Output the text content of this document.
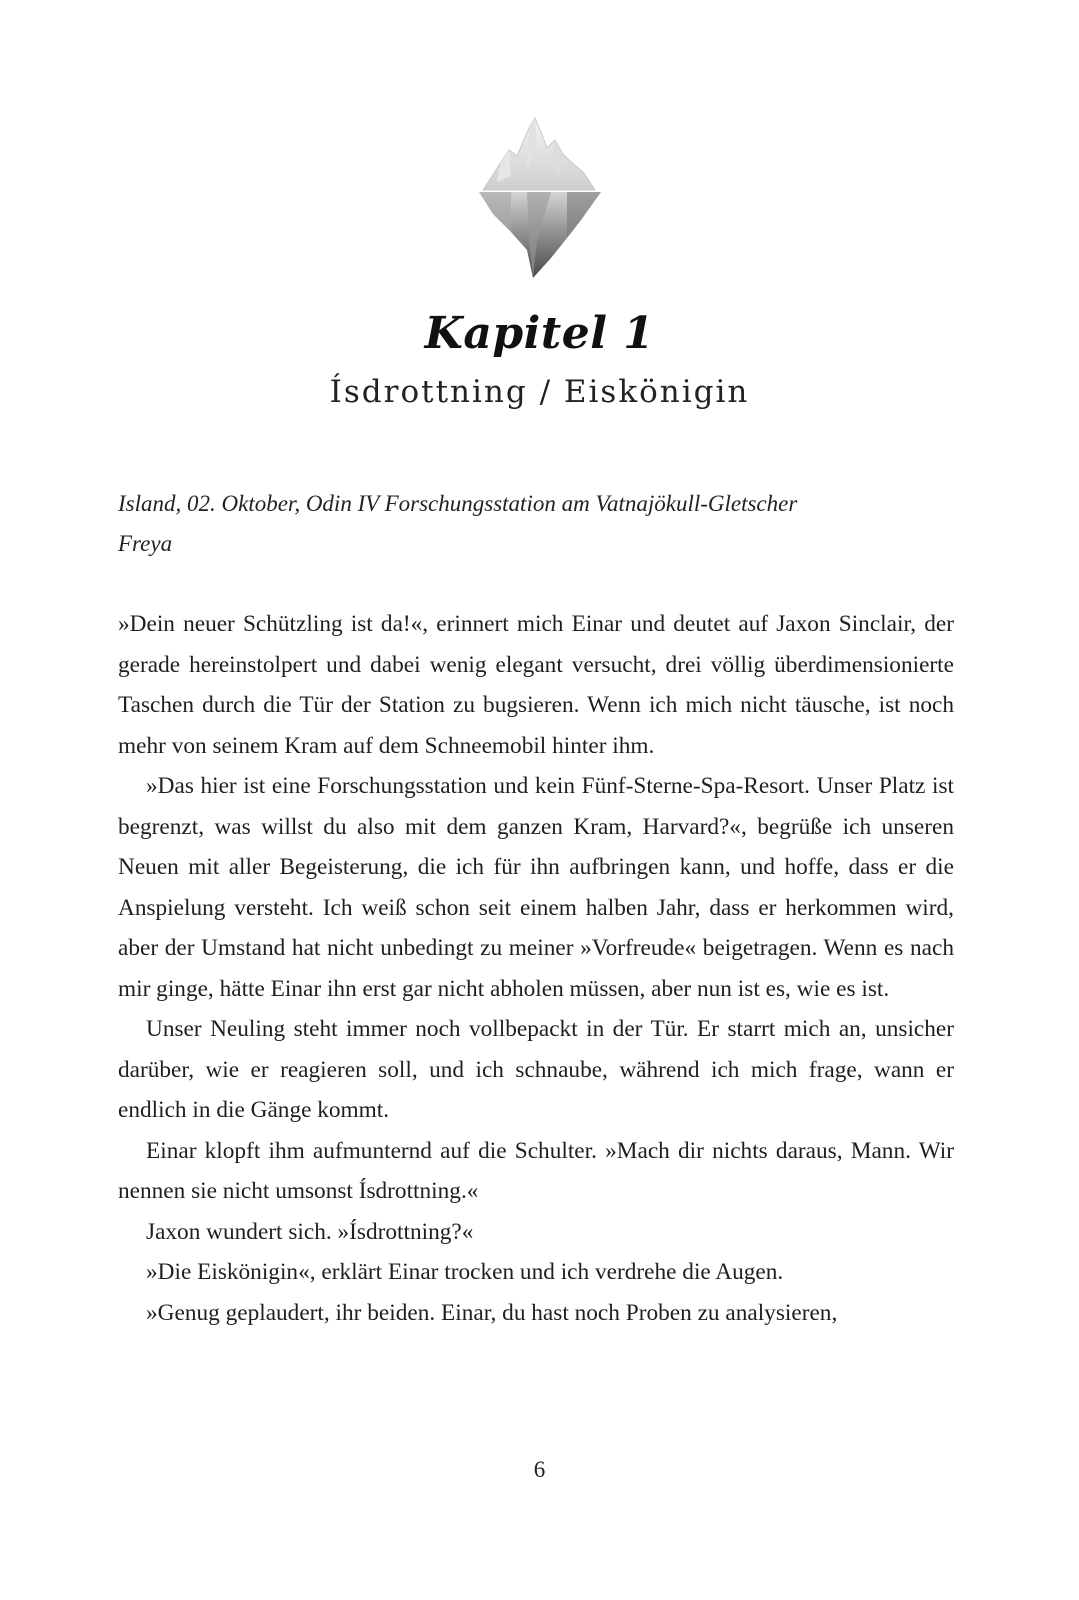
Kapitel 1
Ísdrottning / Eiskönigin
Island, 02. Oktober, Odin IV Forschungsstation am Vatnajökull-Gletscher
Freya

»Dein neuer Schützling ist da!«, erinnert mich Einar und deutet auf Jaxon Sinclair, der gerade hereinstolpert und dabei wenig elegant versucht, drei völlig überdimensionierte Taschen durch die Tür der Station zu bugsieren. Wenn ich mich nicht täusche, ist noch mehr von seinem Kram auf dem Schneemobil hinter ihm.

»Das hier ist eine Forschungsstation und kein Fünf-Sterne-Spa-Resort. Unser Platz ist begrenzt, was willst du also mit dem ganzen Kram, Harvard?«, begrüße ich unseren Neuen mit aller Begeisterung, die ich für ihn aufbringen kann, und hoffe, dass er die Anspielung versteht. Ich weiß schon seit einem halben Jahr, dass er herkommen wird, aber der Umstand hat nicht unbedingt zu meiner »Vorfreude« beigetragen. Wenn es nach mir ginge, hätte Einar ihn erst gar nicht abholen müssen, aber nun ist es, wie es ist.

Unser Neuling steht immer noch vollbepackt in der Tür. Er starrt mich an, unsicher darüber, wie er reagieren soll, und ich schnaube, während ich mich frage, wann er endlich in die Gänge kommt.

Einar klopft ihm aufmunternd auf die Schulter. »Mach dir nichts daraus, Mann. Wir nennen sie nicht umsonst Ísdrottning.«

Jaxon wundert sich. »Ísdrottning?«

»Die Eiskönigin«, erklärt Einar trocken und ich verdrehe die Augen.

»Genug geplaudert, ihr beiden. Einar, du hast noch Proben zu analysieren,

6
